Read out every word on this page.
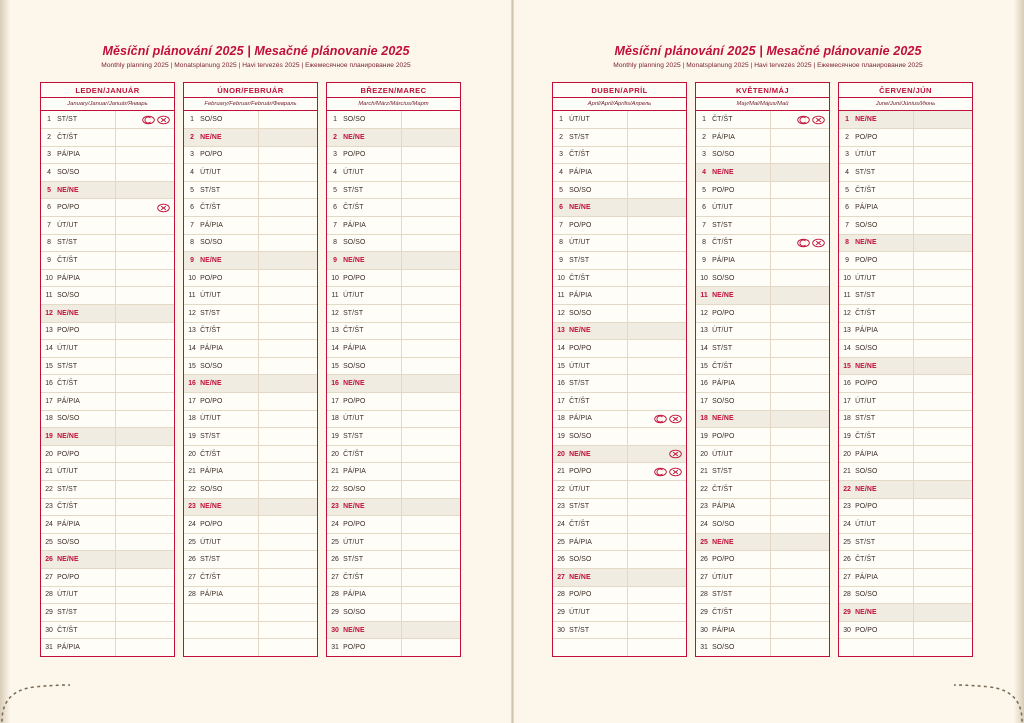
Měsíční plánování 2025 | Mesačné plánovanie 2025
Monthly planning 2025 | Monatsplanung 2025 | Havi tervezés 2025 | Ежемесячное планирование 2025
LEDEN/JANUÁR
January/Januar/Január/Январь
1	ST/ST	

2	ČT/ŠT	
3	PÁ/PIA	
4	SO/SO	
5	NE/NE	
6	PO/PO	

7	ÚT/UT	
8	ST/ST	
9	ČT/ŠT	
10	PÁ/PIA	
11	SO/SO	
12	NE/NE	
13	PO/PO	
14	ÚT/UT	
15	ST/ST	
16	ČT/ŠT	
17	PÁ/PIA	
18	SO/SO	
19	NE/NE	
20	PO/PO	
21	ÚT/UT	
22	ST/ST	
23	ČT/ŠT	
24	PÁ/PIA	
25	SO/SO	
26	NE/NE	
27	PO/PO	
28	ÚT/UT	
29	ST/ST	
30	ČT/ŠT	
31	PÁ/PIA	
ÚNOR/FEBRUÁR
February/Februar/Február/Февраль
1	SO/SO	
2	NE/NE	
3	PO/PO	
4	ÚT/UT	
5	ST/ST	
6	ČT/ŠT	
7	PÁ/PIA	
8	SO/SO	
9	NE/NE	
10	PO/PO	
11	ÚT/UT	
12	ST/ST	
13	ČT/ŠT	
14	PÁ/PIA	
15	SO/SO	
16	NE/NE	
17	PO/PO	
18	ÚT/UT	
19	ST/ST	
20	ČT/ŠT	
21	PÁ/PIA	
22	SO/SO	
23	NE/NE	
24	PO/PO	
25	ÚT/UT	
26	ST/ST	
27	ČT/ŠT	
28	PÁ/PIA	

BŘEZEN/MAREC
March/März/Március/Март
1	SO/SO	
2	NE/NE	
3	PO/PO	
4	ÚT/UT	
5	ST/ST	
6	ČT/ŠT	
7	PÁ/PIA	
8	SO/SO	
9	NE/NE	
10	PO/PO	
11	ÚT/UT	
12	ST/ST	
13	ČT/ŠT	
14	PÁ/PIA	
15	SO/SO	
16	NE/NE	
17	PO/PO	
18	ÚT/UT	
19	ST/ST	
20	ČT/ŠT	
21	PÁ/PIA	
22	SO/SO	
23	NE/NE	
24	PO/PO	
25	ÚT/UT	
26	ST/ST	
27	ČT/ŠT	
28	PÁ/PIA	
29	SO/SO	
30	NE/NE	
31	PO/PO	
Měsíční plánování 2025 | Mesačné plánovanie 2025
Monthly planning 2025 | Monatsplanung 2025 | Havi tervezés 2025 | Ежемесячное планирование 2025
DUBEN/APRÍL
April/April/Április/Апрель
1	ÚT/UT	
2	ST/ST	
3	ČT/ŠT	
4	PÁ/PIA	
5	SO/SO	
6	NE/NE	
7	PO/PO	
8	ÚT/UT	
9	ST/ST	
10	ČT/ŠT	
11	PÁ/PIA	
12	SO/SO	
13	NE/NE	
14	PO/PO	
15	ÚT/UT	
16	ST/ST	
17	ČT/ŠT	
18	PÁ/PIA	

19	SO/SO	
20	NE/NE	

21	PO/PO	

22	ÚT/UT	
23	ST/ST	
24	ČT/ŠT	
25	PÁ/PIA	
26	SO/SO	
27	NE/NE	
28	PO/PO	
29	ÚT/UT	
30	ST/ST	

KVĚTEN/MÁJ
May/Mai/Május/Май
1	ČT/ŠT	

2	PÁ/PIA	
3	SO/SO	
4	NE/NE	
5	PO/PO	
6	ÚT/UT	
7	ST/ST	
8	ČT/ŠT	

9	PÁ/PIA	
10	SO/SO	
11	NE/NE	
12	PO/PO	
13	ÚT/UT	
14	ST/ST	
15	ČT/ŠT	
16	PÁ/PIA	
17	SO/SO	
18	NE/NE	
19	PO/PO	
20	ÚT/UT	
21	ST/ST	
22	ČT/ŠT	
23	PÁ/PIA	
24	SO/SO	
25	NE/NE	
26	PO/PO	
27	ÚT/UT	
28	ST/ST	
29	ČT/ŠT	
30	PÁ/PIA	
31	SO/SO	
ČERVEN/JÚN
June/Juni/Június/Июнь
1	NE/NE	
2	PO/PO	
3	ÚT/UT	
4	ST/ST	
5	ČT/ŠT	
6	PÁ/PIA	
7	SO/SO	
8	NE/NE	
9	PO/PO	
10	ÚT/UT	
11	ST/ST	
12	ČT/ŠT	
13	PÁ/PIA	
14	SO/SO	
15	NE/NE	
16	PO/PO	
17	ÚT/UT	
18	ST/ST	
19	ČT/ŠT	
20	PÁ/PIA	
21	SO/SO	
22	NE/NE	
23	PO/PO	
24	ÚT/UT	
25	ST/ST	
26	ČT/ŠT	
27	PÁ/PIA	
28	SO/SO	
29	NE/NE	
30	PO/PO	
